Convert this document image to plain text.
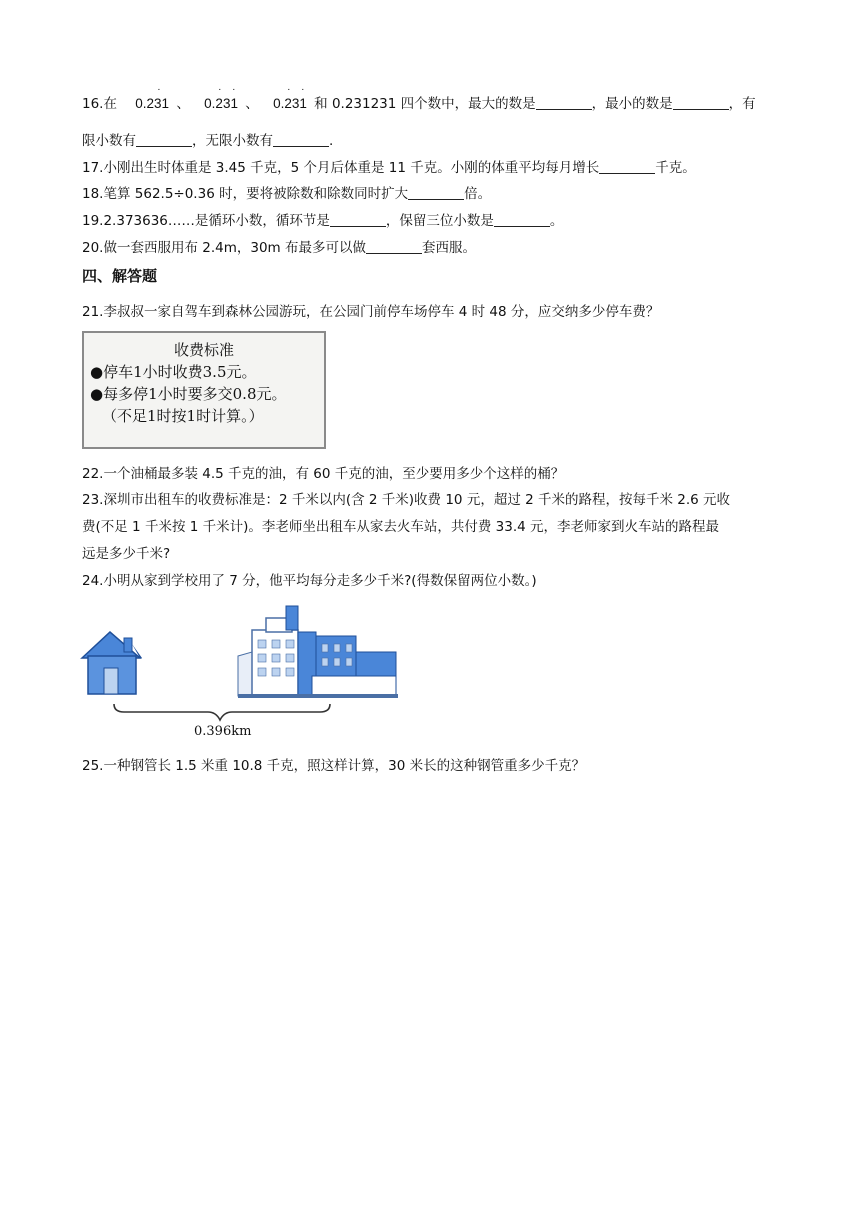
16.在
·
0.231 、
· ·
0.231 、
· ·
0.231 和 0.231231 四个数中，最大的数是	，最小的数是	，有
限小数有	，无限小数有	.
17.小刚出生时体重是 3.45 千克，5 个月后体重是 11 千克。小刚的体重平均每月增长	千克。
18.笔算 562.5÷0.36 时，要将被除数和除数同时扩大	倍。
19.2.373636……是循环小数，循环节是	，保留三位小数是	。
20.做一套西服用布 2.4m，30m 布最多可以做	套西服。
四、解答题
21.李叔叔一家自驾车到森林公园游玩，在公园门前停车场停车 4 时 48 分，应交纳多少停车费？
收费标准
●停车1小时收费3.5元。
●每多停1小时要多交0.8元。
（不足1时按1时计算。）
22.一个油桶最多装 4.5 千克的油，有 60 千克的油，至少要用多少个这样的桶？
23.深圳市出租车的收费标准是：2 千米以内(含 2 千米)收费 10 元，超过 2 千米的路程，按每千米 2.6 元收
费(不足 1 千米按 1 千米计)。李老师坐出租车从家去火车站，共付费 33.4 元，李老师家到火车站的路程最
远是多少千米?
24.小明从家到学校用了 7 分，他平均每分走多少千米?(得数保留两位小数。)
0.396km
25.一种钢管长 1.5 米重 10.8 千克，照这样计算，30 米长的这种钢管重多少千克？
